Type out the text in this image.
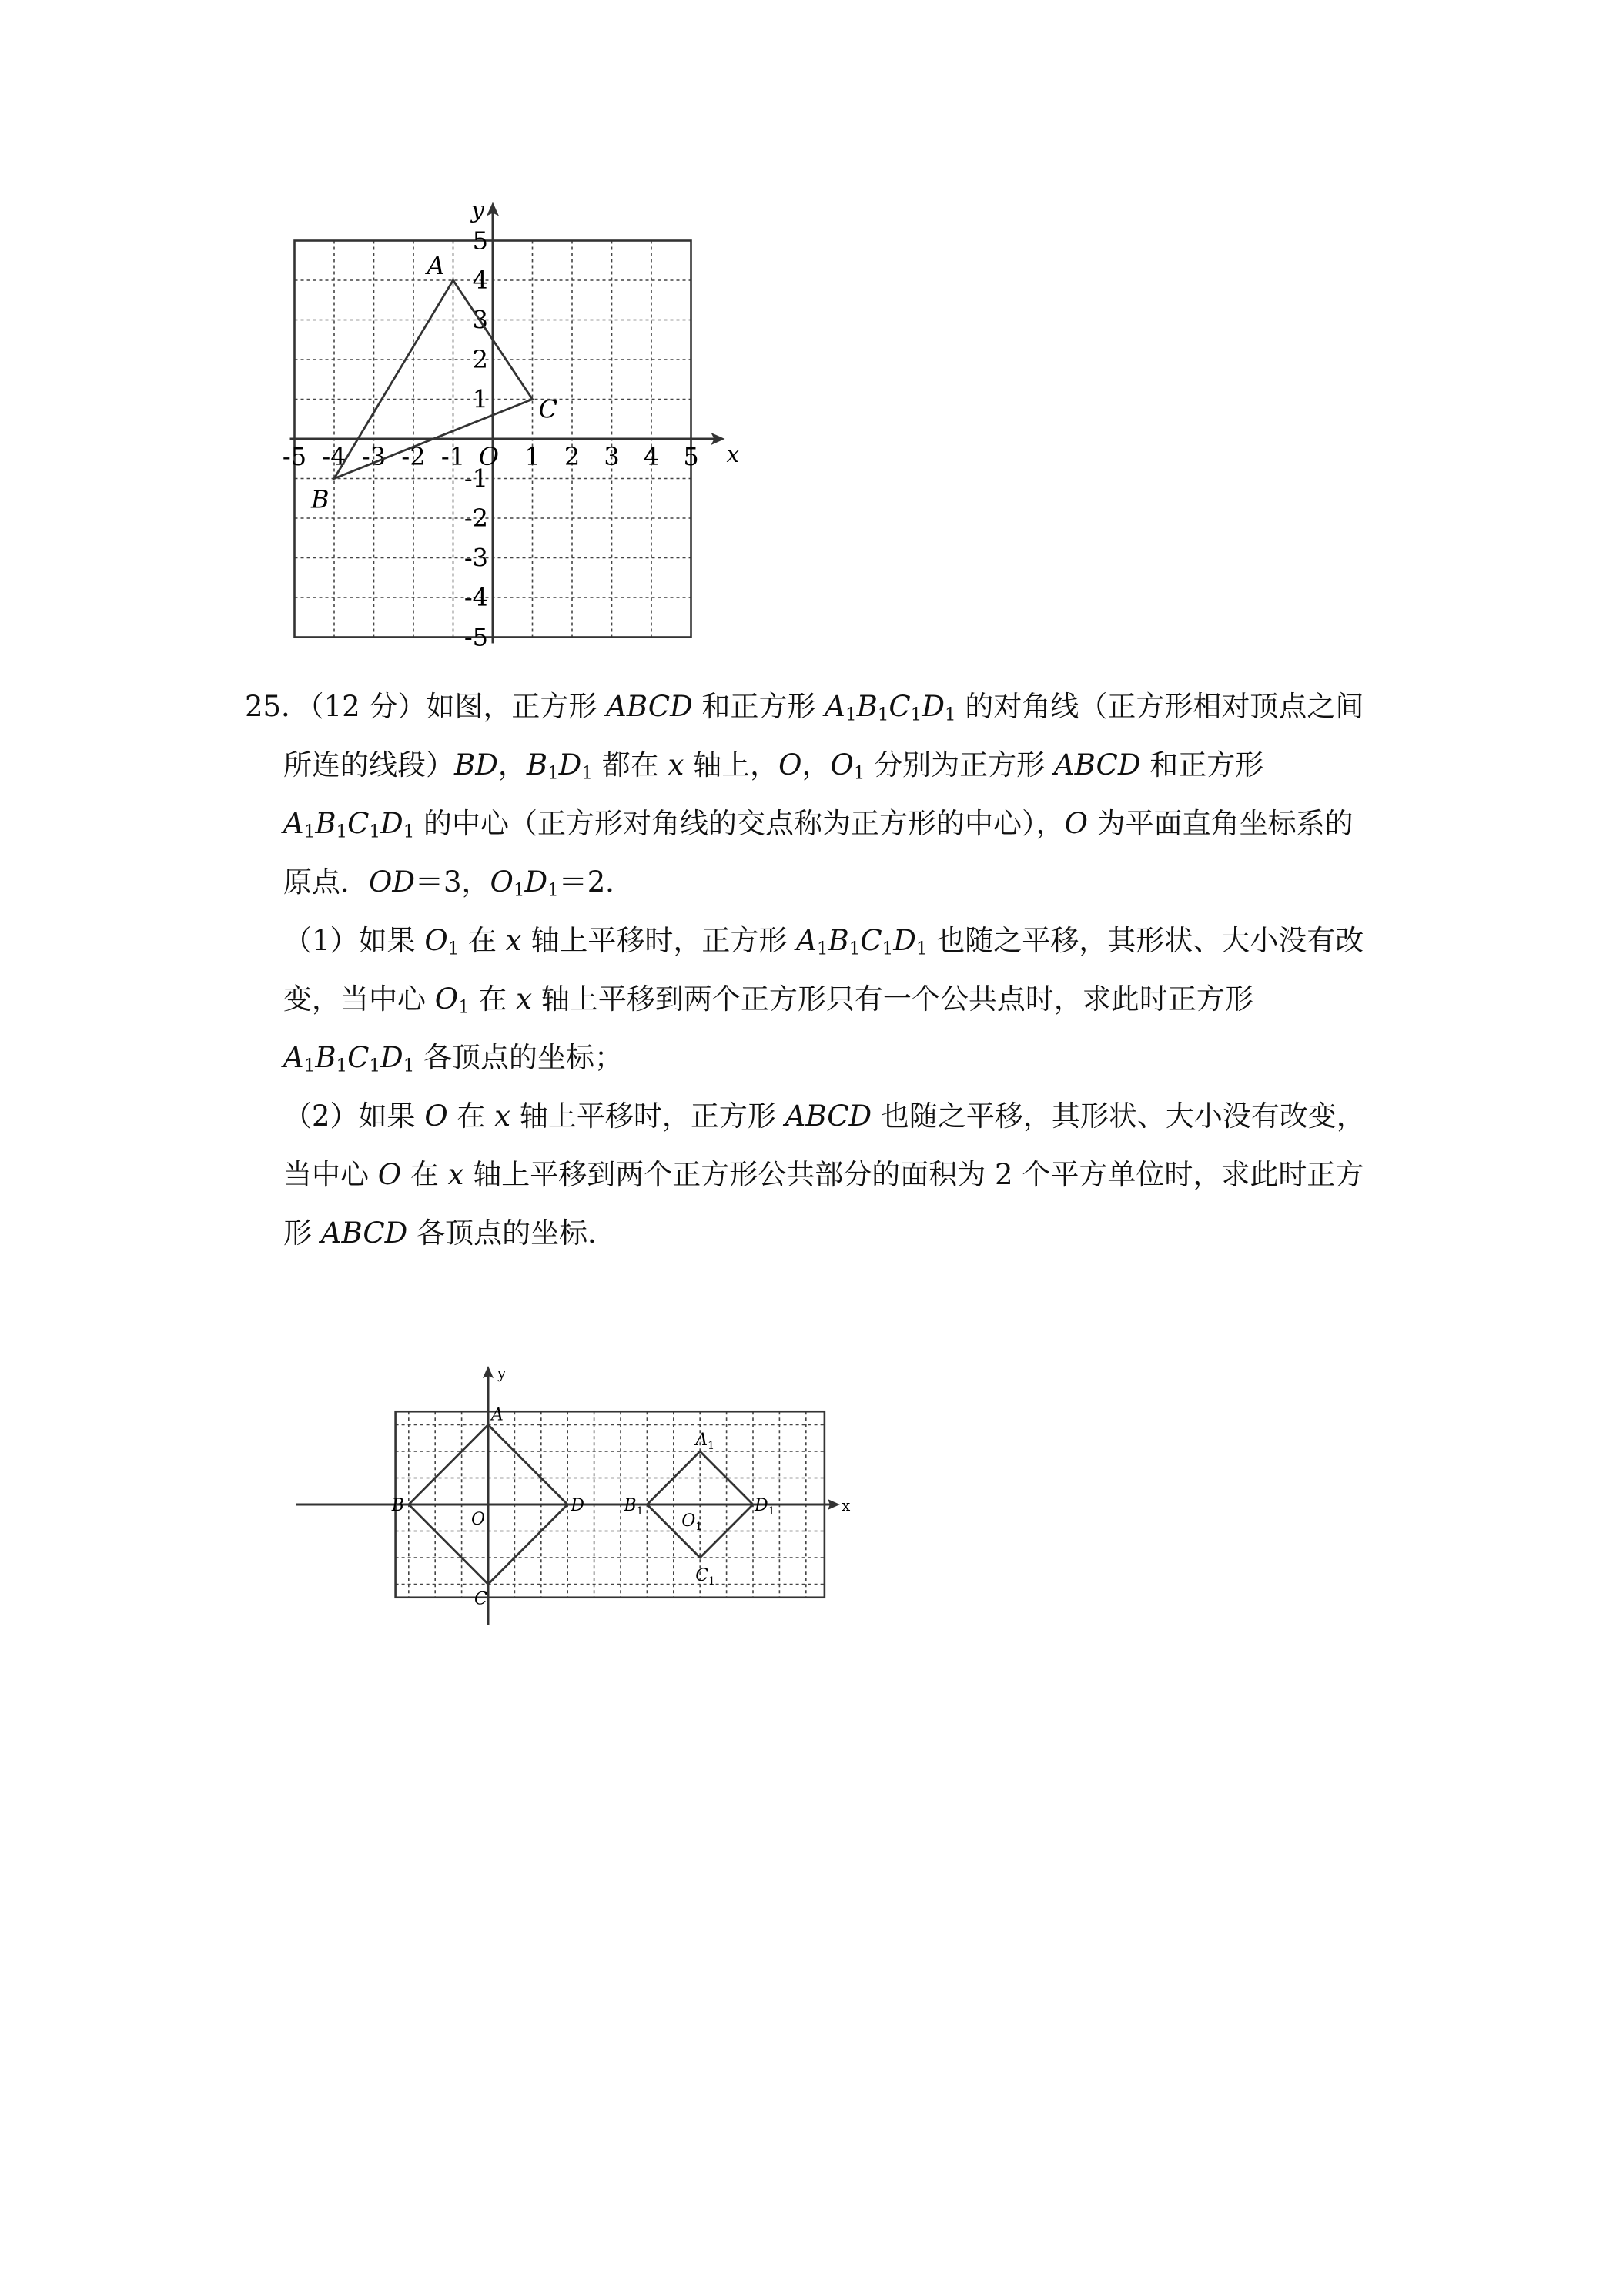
x
y
-5 -4 -3 -2 -1 1 2 3 4 5
O
5
4
3
2
1
-1
-2
-3
-4
-5
A
B
C

25．（12 分）如图，正方形 ABCD 和正方形 $A_1B_1C_1D_1$ 的对角线（正方形相对顶点之间所连的线段）BD，$B_1D_1$ 都在 x 轴上，O，$O_1$ 分别为正方形 ABCD 和正方形 $A_1B_1C_1D_1$ 的中心（正方形对角线的交点称为正方形的中心），O 为平面直角坐标系的原点．OD＝3，$O_1D_1=2$．

（1）如果 $O_1$ 在 x 轴上平移时，正方形 $A_1B_1C_1D_1$ 也随之平移，其形状、大小没有改变，当中心 $O_1$ 在 x 轴上平移到两个正方形只有一个公共点时，求此时正方形 $A_1B_1C_1D_1$ 各顶点的坐标；

（2）如果 O 在 x 轴上平移时，正方形 ABCD 也随之平移，其形状、大小没有改变，当中心 O 在 x 轴上平移到两个正方形公共部分的面积为 2 个平方单位时，求此时正方形 ABCD 各顶点的坐标．

x
y
A
D
C
B
O
$A_1$
$D_1$
$C_1$
$B_1$ $O_1$
